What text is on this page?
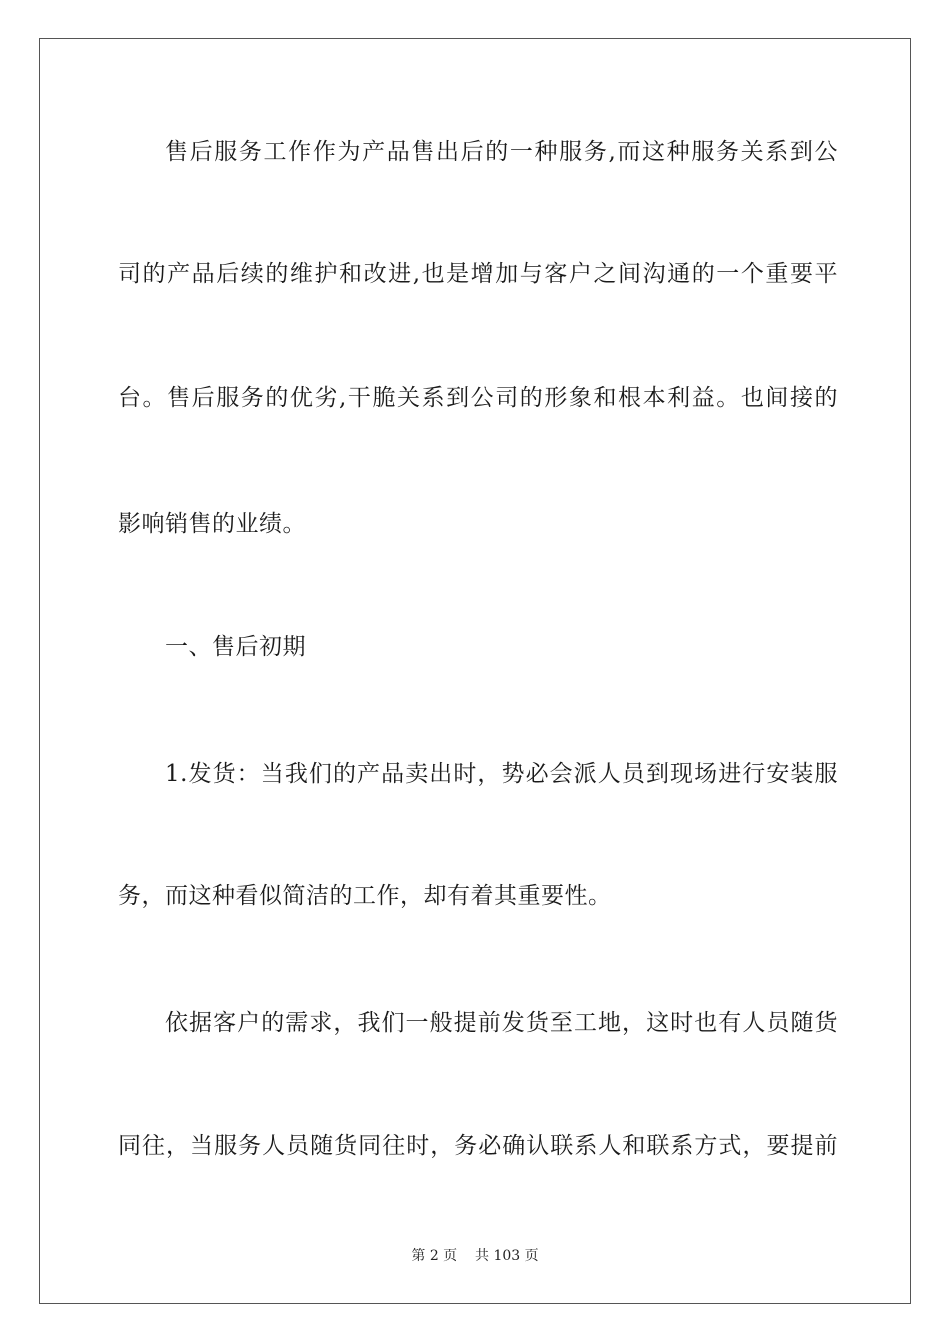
售后服务工作作为产品售出后的一种服务,而这种服务关系到公
司的产品后续的维护和改进,也是增加与客户之间沟通的一个重要平
台。售后服务的优劣,干脆关系到公司的形象和根本利益。也间接的
影响销售的业绩。
一、售后初期
1.发货：当我们的产品卖出时，势必会派人员到现场进行安装服
务，而这种看似简洁的工作，却有着其重要性。
依据客户的需求，我们一般提前发货至工地，这时也有人员随货
同往，当服务人员随货同往时，务必确认联系人和联系方式，要提前
第 2 页 共 103 页
